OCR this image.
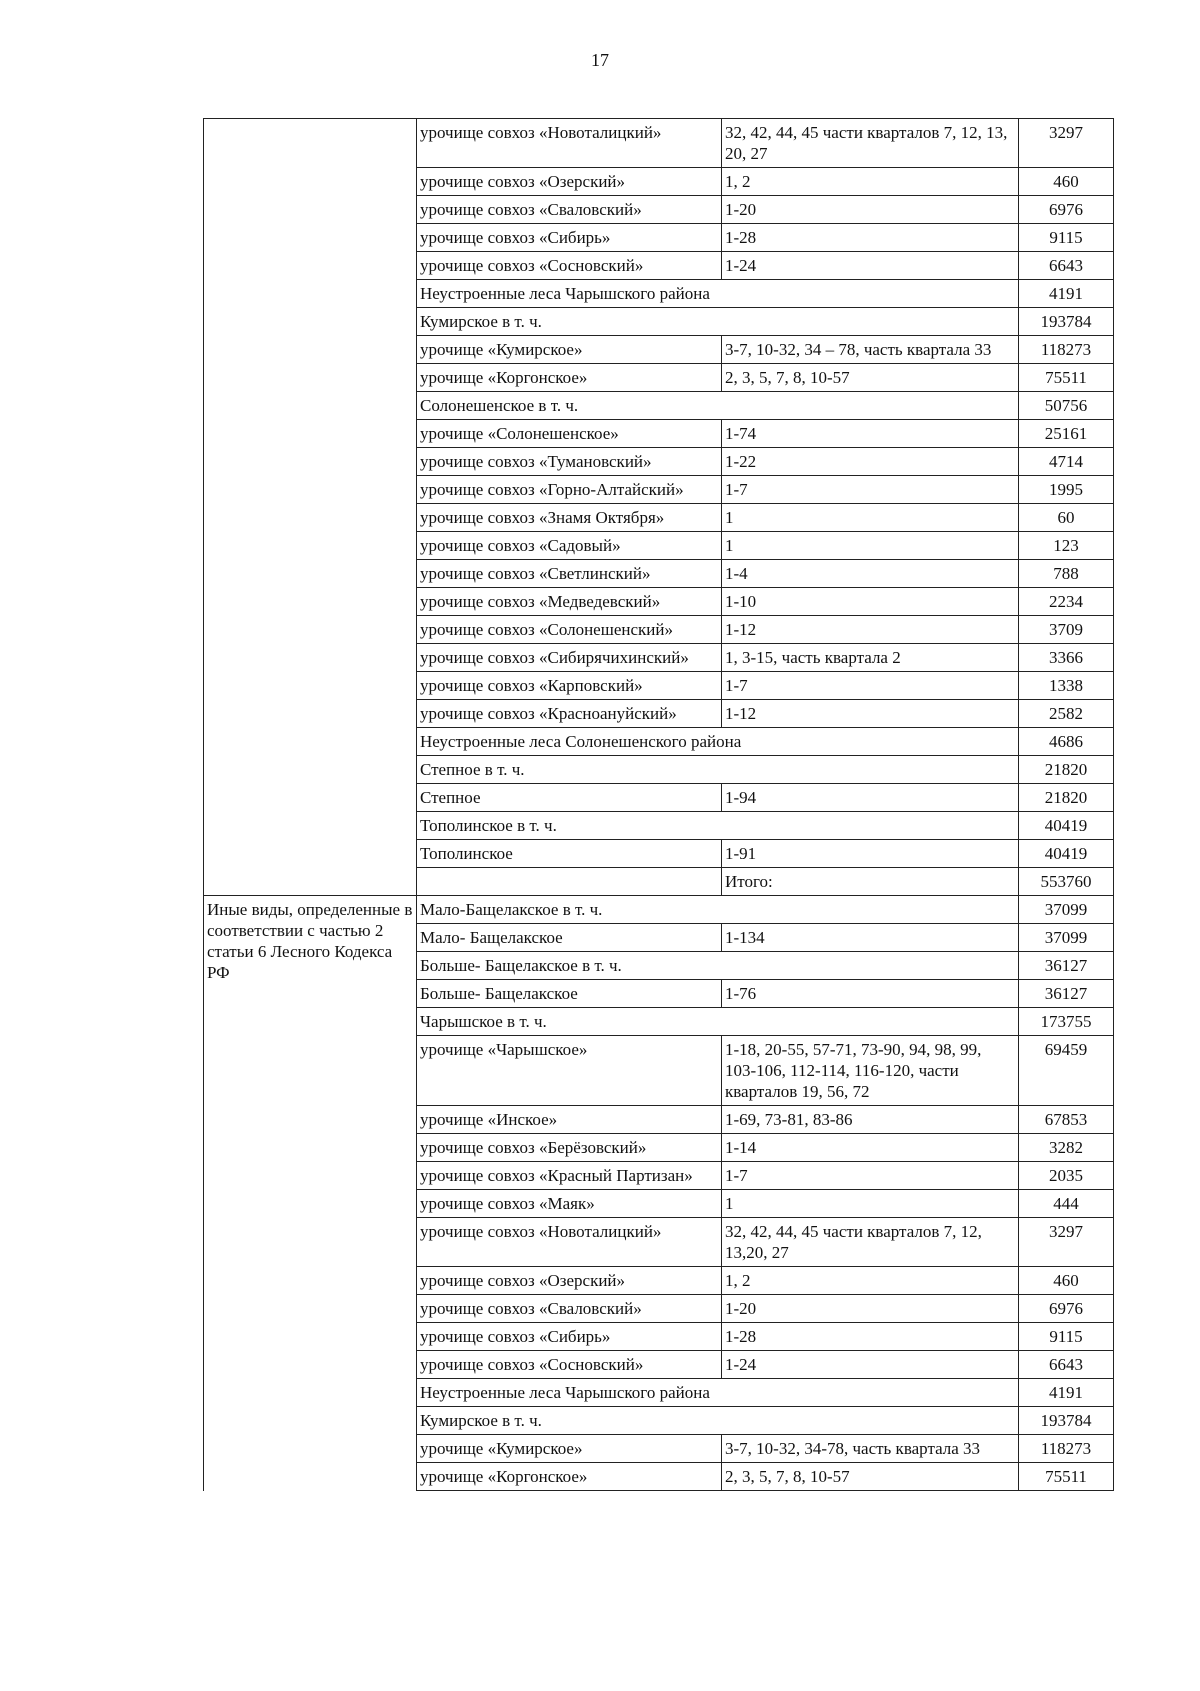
17
	урочище совхоз «Новоталицкий»	32, 42, 44, 45 части кварталов 7, 12, 13, 20, 27	3297
	урочище совхоз «Озерский»	1, 2	460
	урочище совхоз «Сваловский»	1-20	6976
	урочище совхоз «Сибирь»	1-28	9115
	урочище совхоз «Сосновский»	1-24	6643
	Неустроенные леса Чарышского района		4191
	Кумирское в т. ч.		193784
	урочище «Кумирское»	3-7, 10-32, 34 – 78, часть квартала 33	118273
	урочище «Коргонское»	2, 3, 5, 7, 8, 10-57	75511
	Солонешенское в т. ч.		50756
	урочище «Солонешенское»	1-74	25161
	урочище совхоз «Тумановский»	1-22	4714
	урочище совхоз «Горно-Алтайский»	1-7	1995
	урочище совхоз «Знамя Октября»	1	60
	урочище совхоз «Садовый»	1	123
	урочище совхоз «Светлинский»	1-4	788
	урочище совхоз «Медведевский»	1-10	2234
	урочище совхоз «Солонешенский»	1-12	3709
	урочище совхоз «Сибирячихинский»	1, 3-15, часть квартала 2	3366
	урочище совхоз «Карповский»	1-7	1338
	урочище совхоз «Красноануйский»	1-12	2582
	Неустроенные леса Солонешенского района		4686
	Степное в т. ч.		21820
	Степное	1-94	21820
	Тополинское в т. ч.		40419
	Тополинское	1-91	40419
		Итого:	553760
Иные виды, определенные в соответствии с частью 2 статьи 6 Лесного Кодекса РФ	Мало-Бащелакское в т. ч.		37099
	Мало- Бащелакское	1-134	37099
	Больше- Бащелакское в т. ч.		36127
	Больше- Бащелакское	1-76	36127
	Чарышское в т. ч.		173755
	урочище «Чарышское»	1-18, 20-55, 57-71, 73-90, 94, 98, 99, 103-106, 112-114, 116-120, части кварталов 19, 56, 72	69459
	урочище «Инское»	1-69, 73-81, 83-86	67853
	урочище совхоз «Берёзовский»	1-14	3282
	урочище совхоз «Красный Партизан»	1-7	2035
	урочище совхоз «Маяк»	1	444
	урочище совхоз «Новоталицкий»	32, 42, 44, 45 части кварталов 7, 12, 13,20, 27	3297
	урочище совхоз «Озерский»	1, 2	460
	урочище совхоз «Сваловский»	1-20	6976
	урочище совхоз «Сибирь»	1-28	9115
	урочище совхоз «Сосновский»	1-24	6643
	Неустроенные леса Чарышского района		4191
	Кумирское в т. ч.		193784
	урочище «Кумирское»	3-7, 10-32, 34-78, часть квартала 33	118273
	урочище «Коргонское»	2, 3, 5, 7, 8, 10-57	75511
